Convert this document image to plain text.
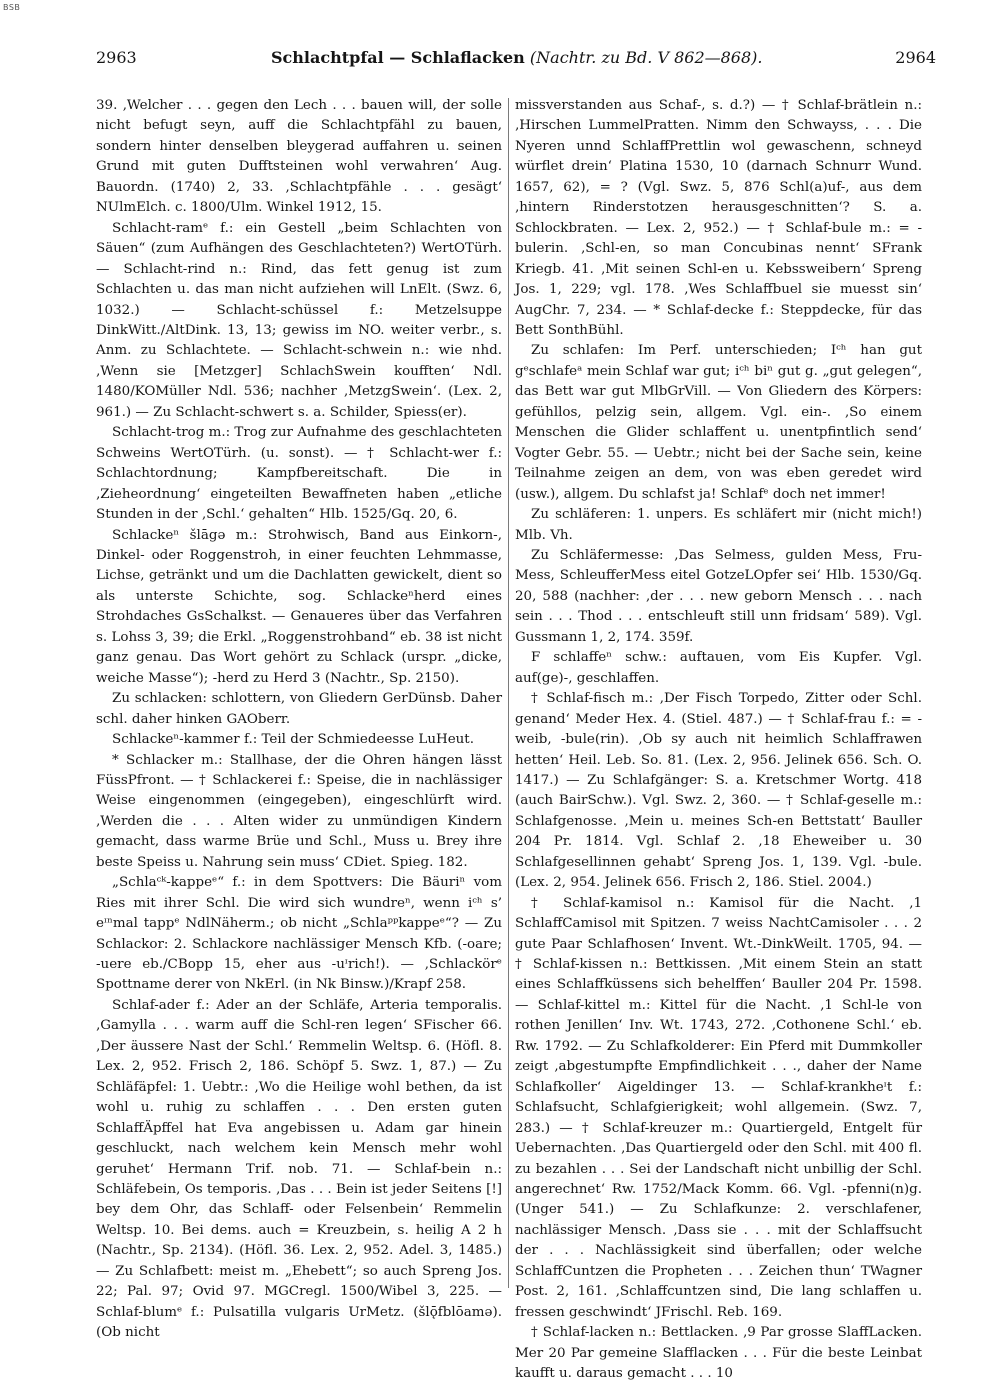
BSB
2963	Schlachtpfal — Schlaflacken (Nachtr. zu Bd. V 862—868).	2964

39. ‚Welcher . . . gegen den Lech . . . bauen will, der solle nicht befugt seyn, auff die Schlachtpfähl zu bauen, sondern hinter denselben bleygerad auffahren u. seinen Grund mit guten Dufftsteinen wohl verwahren‘ Aug. Bauordn. (1740) 2, 33. ‚Schlachtpfähle . . . gesägt‘ NUlmElch. c. 1800/Ulm. Winkel 1912, 15.

Schlacht-ramᵉ f.: ein Gestell „beim Schlachten von Säuen“ (zum Aufhängen des Geschlachteten?) WertOTürh. — Schlacht-rind n.: Rind, das fett genug ist zum Schlachten u. das man nicht aufziehen will LnElt. (Swz. 6, 1032.) — Schlacht-schüssel f.: Metzelsuppe DinkWitt./AltDink. 13, 13; gewiss im NO. weiter verbr., s. Anm. zu Schlachtete. — Schlacht-schwein n.: wie nhd. ‚Wenn sie [Metzger] SchlachSwein koufften‘ Ndl. 1480/KOMüller Ndl. 536; nachher ‚MetzgSwein‘. (Lex. 2, 961.) — Zu Schlacht-schwert s. a. Schilder, Spiess(er).

Schlacht-trog m.: Trog zur Aufnahme des geschlachteten Schweins WertOTürh. (u. sonst). — † Schlacht-wer f.: Schlachtordnung; Kampfbereitschaft. Die in ‚Zieheordnung‘ eingeteilten Bewaffneten haben „etliche Stunden in der ‚Schl.‘ gehalten“ Hlb. 1525/Gq. 20, 6.

Schlackeⁿ šlāgə m.: Strohwisch, Band aus Einkorn-, Dinkel- oder Roggenstroh, in einer feuchten Lehmmasse, Lichse, getränkt und um die Dachlatten gewickelt, dient so als unterste Schichte, sog. Schlackeⁿherd eines Strohdaches GsSchalkst. — Genaueres über das Verfahren s. Lohss 3, 39; die Erkl. „Roggenstrohband“ eb. 38 ist nicht ganz genau. Das Wort gehört zu Schlack (urspr. „dicke, weiche Masse“); -herd zu Herd 3 (Nachtr., Sp. 2150).

Zu schlacken: schlottern, von Gliedern GerDünsb. Daher schl. daher hinken GAOberr.

Schlackeⁿ-kammer f.: Teil der Schmiedeesse LuHeut.

* Schlacker m.: Stallhase, der die Ohren hängen lässt FüssPfront. — † Schlackerei f.: Speise, die in nachlässiger Weise eingenommen (eingegeben), eingeschlürft wird. ‚Werden die . . . Alten wider zu unmündigen Kindern gemacht, dass warme Brüe und Schl., Muss u. Brey ihre beste Speiss u. Nahrung sein muss‘ CDiet. Spieg. 182.

„Schlaᶜᵏ-kappeᵉ“ f.: in dem Spottvers: Die Bäuriⁿ vom Ries mit ihrer Schl. Die wird sich wundreⁿ, wenn iᶜʰ s’ eᶦⁿmal tappᵉ NdlNäherm.; ob nicht „Schlaᵖᵖkappeᵉ“? — Zu Schlackor: 2. Schlackore nachlässiger Mensch Kfb. (-oare; -uere eb./CBopp 15, eher aus -uᶦrich!). — ‚Schlackörᵉ Spottname derer von NkErl. (in Nk Binsw.)/Krapf 258.

Schlaf-ader f.: Ader an der Schläfe, Arteria temporalis. ‚Gamylla . . . warm auff die Schl-ren legen‘ SFischer 66. ‚Der äussere Nast der Schl.‘ Remmelin Weltsp. 6. (Höfl. 8. Lex. 2, 952. Frisch 2, 186. Schöpf 5. Swz. 1, 87.) — Zu Schläfäpfel: 1. Uebtr.: ‚Wo die Heilige wohl bethen, da ist wohl u. ruhig zu schlaffen . . . Den ersten guten SchlaffÄpffel hat Eva angebissen u. Adam gar hinein geschluckt, nach welchem kein Mensch mehr wohl geruhet‘ Hermann Trif. nob. 71. — Schlaf-bein n.: Schläfebein, Os temporis. ‚Das . . . Bein ist jeder Seitens [!] bey dem Ohr, das Schlaff- oder Felsenbein‘ Remmelin Weltsp. 10. Bei dems. auch = Kreuzbein, s. heilig A 2 h (Nachtr., Sp. 2134). (Höfl. 36. Lex. 2, 952. Adel. 3, 1485.) — Zu Schlafbett: meist m. „Ehebett“; so auch Spreng Jos. 22; Pal. 97; Ovid 97. MGCregl. 1500/Wibel 3, 225. — Schlaf-blumᵉ f.: Pulsatilla vulgaris UrMetz. (šlǭfblōamə). (Ob nicht

missverstanden aus Schaf-, s. d.?) — † Schlaf-brätlein n.: ‚Hirschen LummelPratten. Nimm den Schwayss, . . . Die Nyeren unnd SchlaffPrettlin wol gewaschenn, schneyd würflet drein‘ Platina 1530, 10 (darnach Schnurr Wund. 1657, 62), = ? (Vgl. Swz. 5, 876 Schl(a)uf-, aus dem ‚hintern Rinderstotzen herausgeschnitten‘? S. a. Schlockbraten. — Lex. 2, 952.) — † Schlaf-bule m.: = -bulerin. ‚Schl-en, so man Concubinas nennt‘ SFrank Kriegb. 41. ‚Mit seinen Schl-en u. Kebssweibern‘ Spreng Jos. 1, 229; vgl. 178. ‚Wes Schlaffbuel sie muesst sin‘ AugChr. 7, 234. — * Schlaf-decke f.: Steppdecke, für das Bett SonthBühl.

Zu schlafen: Im Perf. unterschieden; Iᶜʰ han gut gᵉschlafeᵃ mein Schlaf war gut; iᶜʰ biⁿ gut g. „gut gelegen“, das Bett war gut MlbGrVill. — Von Gliedern des Körpers: gefühllos, pelzig sein, allgem. Vgl. ein-. ‚So einem Menschen die Glider schlaffent u. unentpfintlich send‘ Vogter Gebr. 55. — Uebtr.; nicht bei der Sache sein, keine Teilnahme zeigen an dem, von was eben geredet wird (usw.), allgem. Du schlafst ja! Schlafᵉ doch net immer!

Zu schläferen: 1. unpers. Es schläfert mir (nicht mich!) Mlb. Vh.

Zu Schläfermesse: ‚Das Selmess, gulden Mess, Fru-Mess, SchleufferMess eitel GotzeLOpfer sei‘ Hlb. 1530/Gq. 20, 588 (nachher: ‚der . . . new geborn Mensch . . . nach sein . . . Thod . . . entschleuft still unn fridsam‘ 589). Vgl. Gussmann 1, 2, 174. 359f.

F schlaffeⁿ schw.: auftauen, vom Eis Kupfer. Vgl. auf(ge)-, geschlaffen.

† Schlaf-fisch m.: ‚Der Fisch Torpedo, Zitter oder Schl. genand‘ Meder Hex. 4. (Stiel. 487.) — † Schlaf-frau f.: = -weib, -bule(rin). ‚Ob sy auch nit heimlich Schlaffrawen hetten‘ Heil. Leb. So. 81. (Lex. 2, 956. Jelinek 656. Sch. O. 1417.) — Zu Schlafgänger: S. a. Kretschmer Wortg. 418 (auch BairSchw.). Vgl. Swz. 2, 360. — † Schlaf-geselle m.: Schlafgenosse. ‚Mein u. meines Sch-en Bettstatt‘ Bauller 204 Pr. 1814. Vgl. Schlaf 2. ‚18 Eheweiber u. 30 Schlafgesellinnen gehabt‘ Spreng Jos. 1, 139. Vgl. -bule. (Lex. 2, 954. Jelinek 656. Frisch 2, 186. Stiel. 2004.)

† Schlaf-kamisol n.: Kamisol für die Nacht. ‚1 SchlaffCamisol mit Spitzen. 7 weiss NachtCamisoler . . . 2 gute Paar Schlafhosen‘ Invent. Wt.-DinkWeilt. 1705, 94. — † Schlaf-kissen n.: Bettkissen. ‚Mit einem Stein an statt eines Schlaffküssens sich behelffen‘ Bauller 204 Pr. 1598. — Schlaf-kittel m.: Kittel für die Nacht. ‚1 Schl-le von rothen Jenillen‘ Inv. Wt. 1743, 272. ‚Cothonene Schl.‘ eb. Rw. 1792. — Zu Schlafkolderer: Ein Pferd mit Dummkoller zeigt ‚abgestumpfte Empfindlichkeit . . ., daher der Name Schlafkoller‘ Aigeldinger 13. — Schlaf-krankheᶦt f.: Schlafsucht, Schlafgierigkeit; wohl allgemein. (Swz. 7, 283.) — † Schlaf-kreuzer m.: Quartiergeld, Entgelt für Uebernachten. ‚Das Quartiergeld oder den Schl. mit 400 fl. zu bezahlen . . . Sei der Landschaft nicht unbillig der Schl. angerechnet‘ Rw. 1752/Mack Komm. 66. Vgl. -pfenni(n)g. (Unger 541.) — Zu Schlafkunze: 2. verschlafener, nachlässiger Mensch. ‚Dass sie . . . mit der Schlaffsucht der . . . Nachlässigkeit sind überfallen; oder welche SchlaffCuntzen die Propheten . . . Zeichen thun‘ TWagner Post. 2, 161. ‚Schlaffcuntzen sind, Die lang schlaffen u. fressen geschwindt‘ JFrischl. Reb. 169.

† Schlaf-lacken n.: Bettlacken. ‚9 Par grosse SlaffLacken. Mer 20 Par gemeine Slafflacken . . . Für die beste Leinbat kaufft u. daraus gemacht . . . 10
